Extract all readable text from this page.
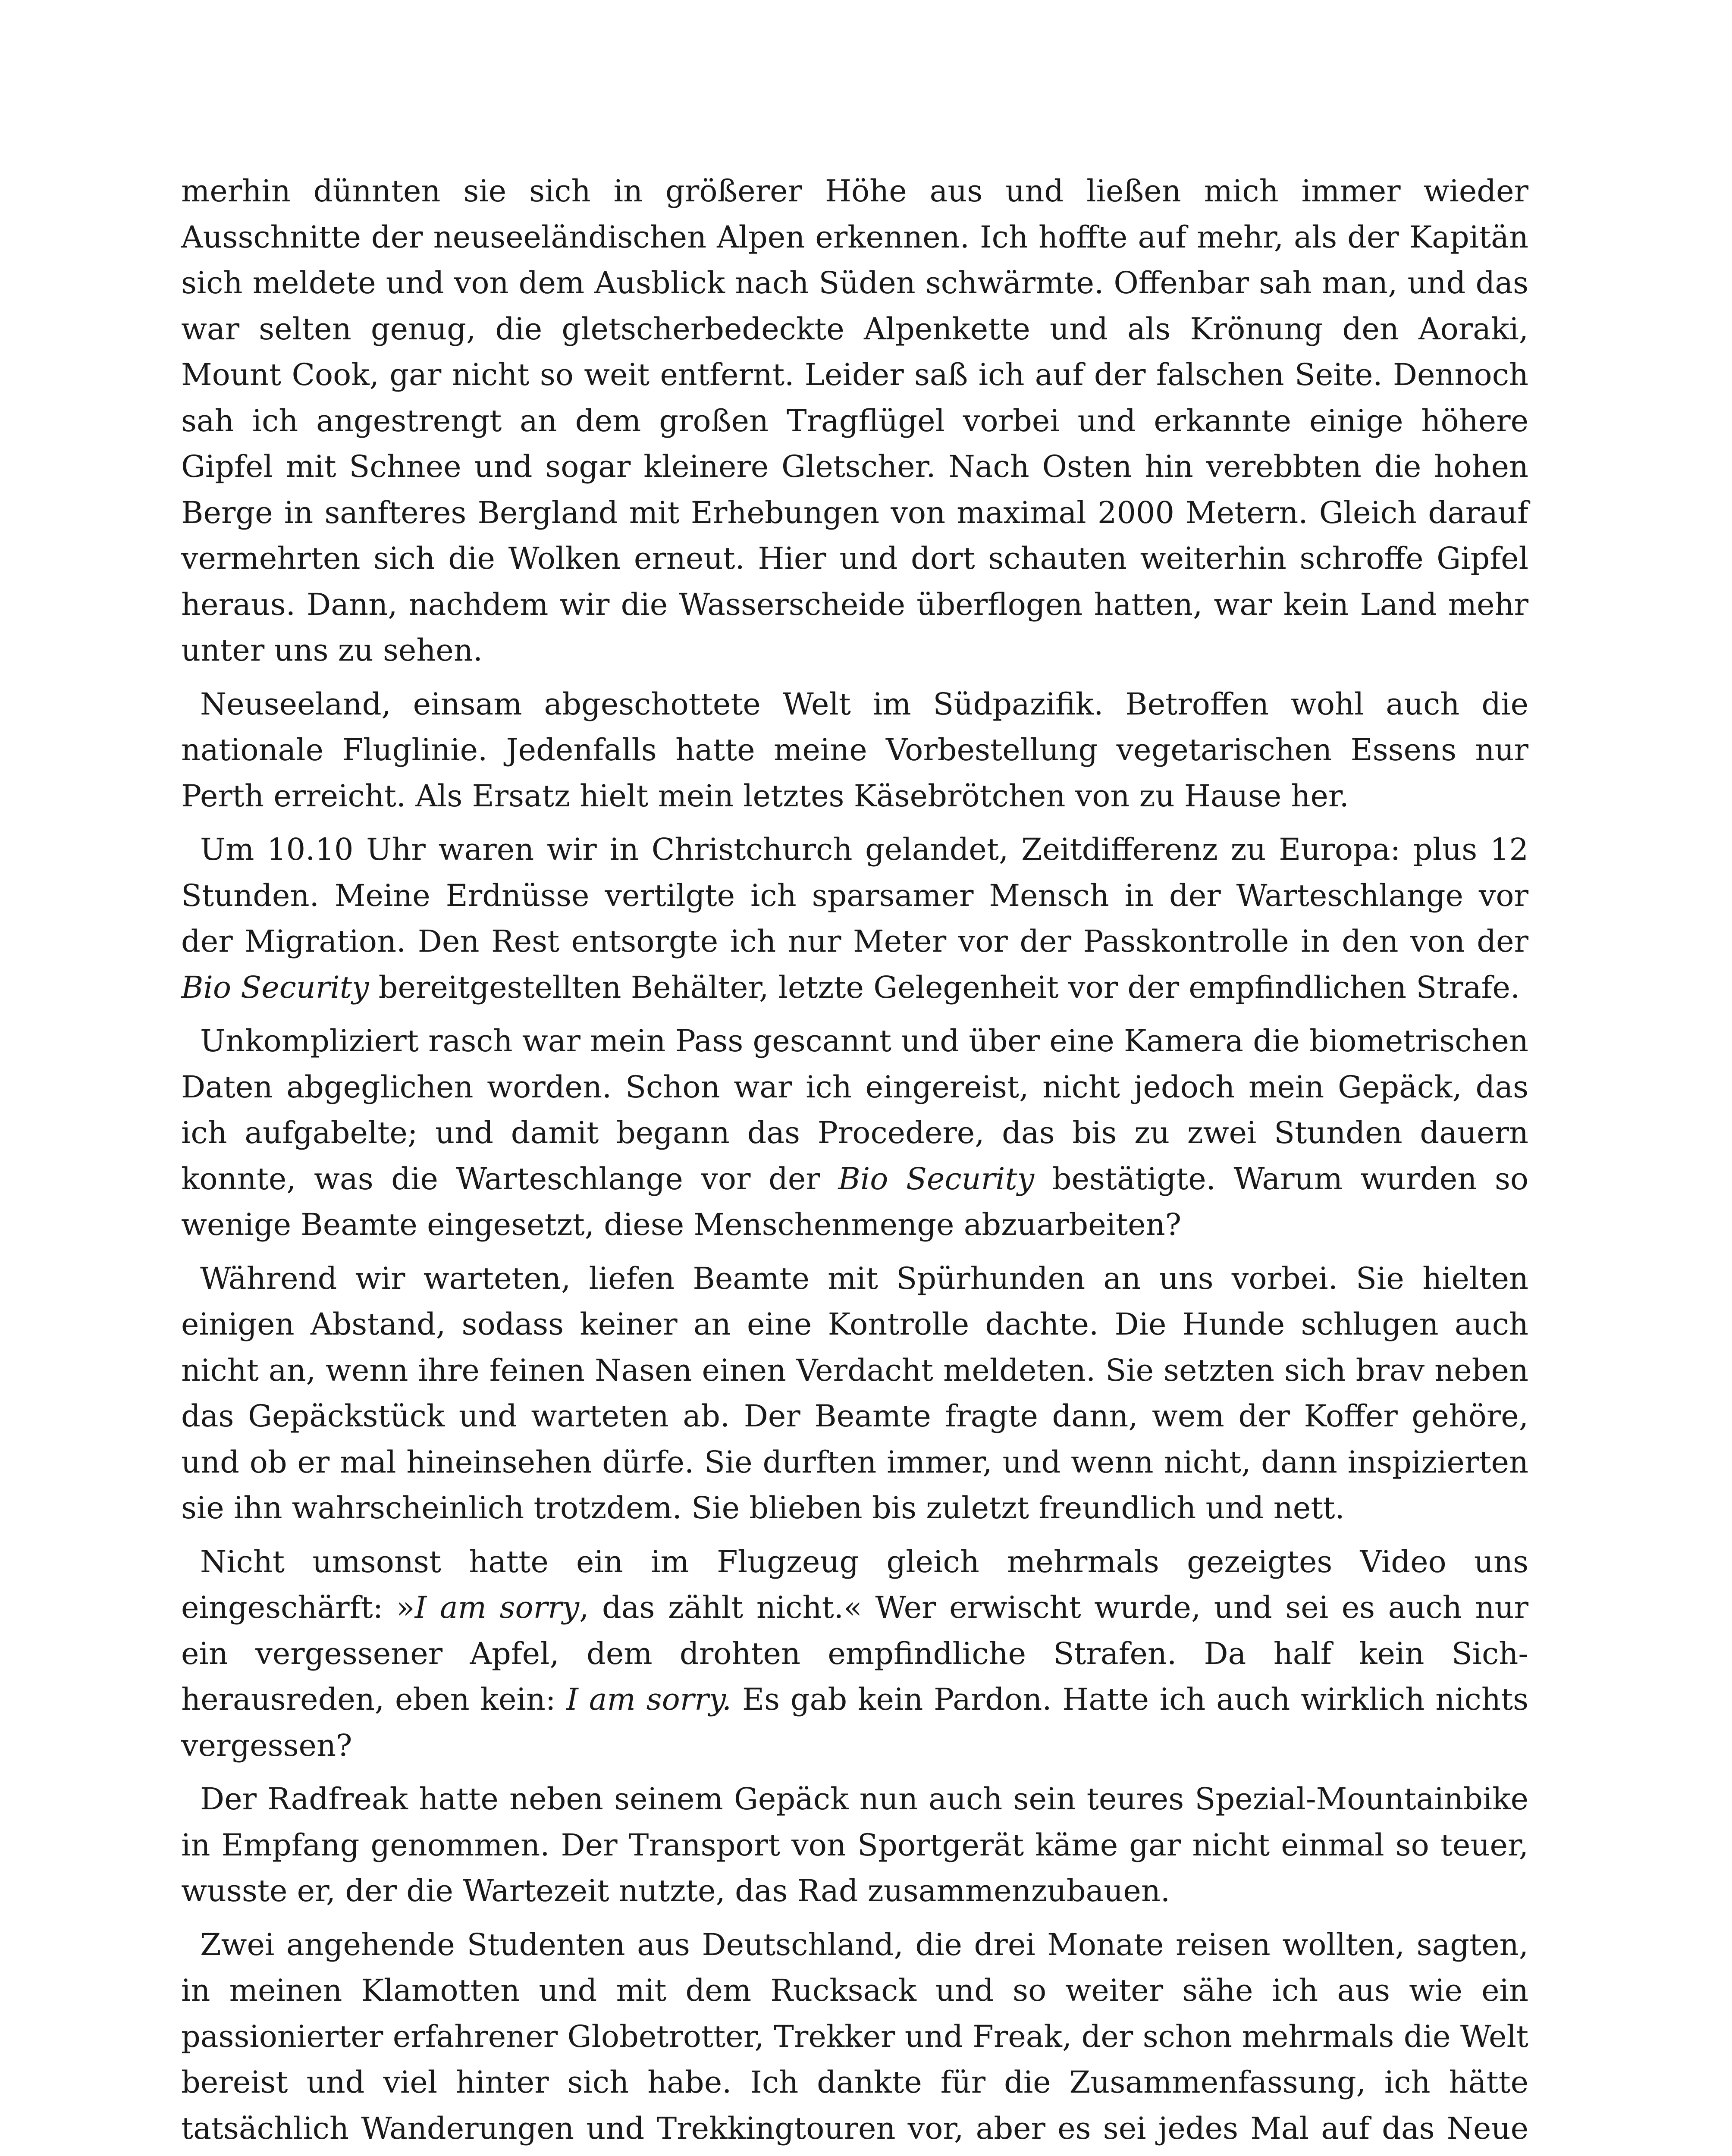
merhin dünnten sie sich in größerer Höhe aus und ließen mich immer wieder Ausschnitte der neuseeländischen Alpen erkennen. Ich hoffte auf mehr, als der Kapitän sich meldete und von dem Ausblick nach Süden schwärmte. Offenbar sah man, und das war selten genug, die gletscherbedeckte Alpenkette und als Krönung den Aoraki, Mount Cook, gar nicht so weit entfernt. Leider saß ich auf der falschen Seite. Dennoch sah ich angestrengt an dem großen Tragflügel vorbei und erkannte einige höhere Gipfel mit Schnee und sogar kleinere Gletscher. Nach Osten hin verebbten die hohen Berge in sanfteres Bergland mit Erhebungen von maximal 2000 Metern. Gleich darauf vermehrten sich die Wolken erneut. Hier und dort schauten weiterhin schroffe Gipfel heraus. Dann, nachdem wir die Wasserscheide überflogen hatten, war kein Land mehr unter uns zu sehen.

Neuseeland, einsam abgeschottete Welt im Südpazifik. Betroffen wohl auch die nationale Fluglinie. Jedenfalls hatte meine Vorbestellung vegetarischen Essens nur Perth erreicht. Als Ersatz hielt mein letztes Käsebrötchen von zu Hause her.

Um 10.10 Uhr waren wir in Christchurch gelandet, Zeitdifferenz zu Europa: plus 12 Stunden. Meine Erdnüsse vertilgte ich sparsamer Mensch in der Warteschlange vor der Migration. Den Rest entsorgte ich nur Meter vor der Passkontrolle in den von der Bio Security bereitgestellten Behälter, letzte Gelegenheit vor der empfindlichen Strafe.

Unkompliziert rasch war mein Pass gescannt und über eine Kamera die biometrischen Daten abgeglichen worden. Schon war ich eingereist, nicht jedoch mein Gepäck, das ich aufgabelte; und damit begann das Procedere, das bis zu zwei Stunden dauern konnte, was die Warteschlange vor der Bio Security bestätigte. Warum wurden so wenige Beamte eingesetzt, diese Menschenmenge abzuarbeiten?

Während wir warteten, liefen Beamte mit Spürhunden an uns vorbei. Sie hielten einigen Abstand, sodass keiner an eine Kontrolle dachte. Die Hunde schlugen auch nicht an, wenn ihre feinen Nasen einen Verdacht meldeten. Sie setzten sich brav neben das Gepäckstück und warteten ab. Der Beamte fragte dann, wem der Koffer gehöre, und ob er mal hineinsehen dürfe. Sie durften immer, und wenn nicht, dann inspizierten sie ihn wahrscheinlich trotzdem. Sie blieben bis zuletzt freundlich und nett.

Nicht umsonst hatte ein im Flugzeug gleich mehrmals gezeigtes Video uns eingeschärft: »I am sorry, das zählt nicht.« Wer erwischt wurde, und sei es auch nur ein vergessener Apfel, dem drohten empfindliche Strafen. Da half kein Sich-herausreden, eben kein: I am sorry. Es gab kein Pardon. Hatte ich auch wirklich nichts vergessen?

Der Radfreak hatte neben seinem Gepäck nun auch sein teures Spezial-Mountainbike in Empfang genommen. Der Transport von Sportgerät käme gar nicht einmal so teuer, wusste er, der die Wartezeit nutzte, das Rad zusammenzubauen.

Zwei angehende Studenten aus Deutschland, die drei Monate reisen wollten, sagten, in meinen Klamotten und mit dem Rucksack und so weiter sähe ich aus wie ein passionierter erfahrener Globetrotter, Trekker und Freak, der schon mehrmals die Welt bereist und viel hinter sich habe. Ich dankte für die Zusammenfassung, ich hätte tatsächlich Wanderungen und Trekkingtouren vor, aber es sei jedes Mal auf das Neue
